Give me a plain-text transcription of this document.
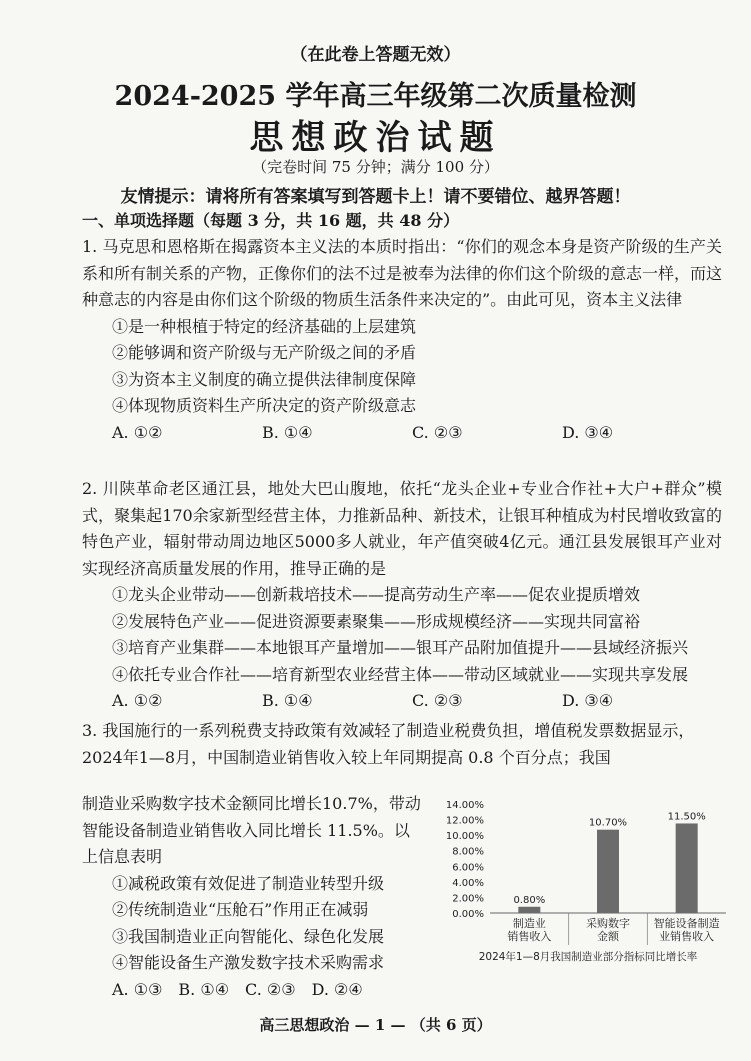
（在此卷上答题无效）
2024-2025 学年高三年级第二次质量检测
思想政治试题
（完卷时间 75 分钟；满分 100 分）
友情提示：请将所有答案填写到答题卡上！请不要错位、越界答题！
一、单项选择题（每题 3 分，共 16 题，共 48 分）
1. 马克思和恩格斯在揭露资本主义法的本质时指出：“你们的观念本身是资产阶级的生产关系和所有制关系的产物，正像你们的法不过是被奉为法律的你们这个阶级的意志一样，而这种意志的内容是由你们这个阶级的物质生活条件来决定的”。由此可见，资本主义法律
①是一种根植于特定的经济基础的上层建筑
②能够调和资产阶级与无产阶级之间的矛盾
③为资本主义制度的确立提供法律制度保障
④体现物质资料生产所决定的资产阶级意志
A. ①②	B. ①④	C. ②③	D. ③④
2. 川陕革命老区通江县，地处大巴山腹地，依托“龙头企业+专业合作社+大户+群众”模式，聚集起170余家新型经营主体，力推新品种、新技术，让银耳种植成为村民增收致富的特色产业，辐射带动周边地区5000多人就业，年产值突破4亿元。通江县发展银耳产业对实现经济高质量发展的作用，推导正确的是
①龙头企业带动——创新栽培技术——提高劳动生产率——促农业提质增效
②发展特色产业——促进资源要素聚集——形成规模经济——实现共同富裕
③培育产业集群——本地银耳产量增加——银耳产品附加值提升——县域经济振兴
④依托专业合作社——培育新型农业经营主体——带动区域就业——实现共享发展
A. ①②	B. ①④	C. ②③	D. ③④
3. 我国施行的一系列税费支持政策有效减轻了制造业税费负担，增值税发票数据显示，2024年1—8月，中国制造业销售收入较上年同期提高 0.8 个百分点；我国
制造业采购数字技术金额同比增长10.7%，带动智能设备制造业销售收入同比增长 11.5%。以上信息表明
①减税政策有效促进了制造业转型升级
②传统制造业“压舱石”作用正在减弱
③我国制造业正向智能化、绿色化发展
④智能设备生产激发数字技术采购需求
A. ①③ B. ①④ C. ②③ D. ②④
0.00%
2.00%
4.00%
6.00%
8.00%
10.00%
12.00%
14.00%
0.80%
制造业
销售收入
10.70%
采购数字
金额
11.50%
智能设备制造
业销售收入
2024年1—8月我国制造业部分指标同比增长率
高三思想政治 — 1 — （共 6 页）
